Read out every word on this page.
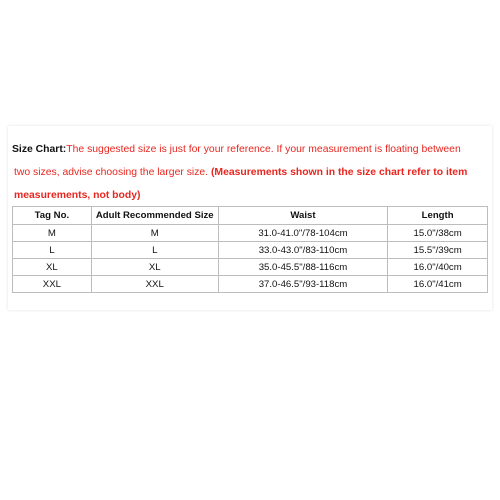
Size Chart:The suggested size is just for your reference. If your measurement is floating between
two sizes, advise choosing the larger size. (Measurements shown in the size chart refer to item
measurements, not body)
Tag No.	Adult Recommended Size	Waist	Length
M	M	31.0-41.0"/78-104cm	15.0"/38cm
L	L	33.0-43.0"/83-110cm	15.5"/39cm
XL	XL	35.0-45.5"/88-116cm	16.0"/40cm
XXL	XXL	37.0-46.5"/93-118cm	16.0"/41cm
